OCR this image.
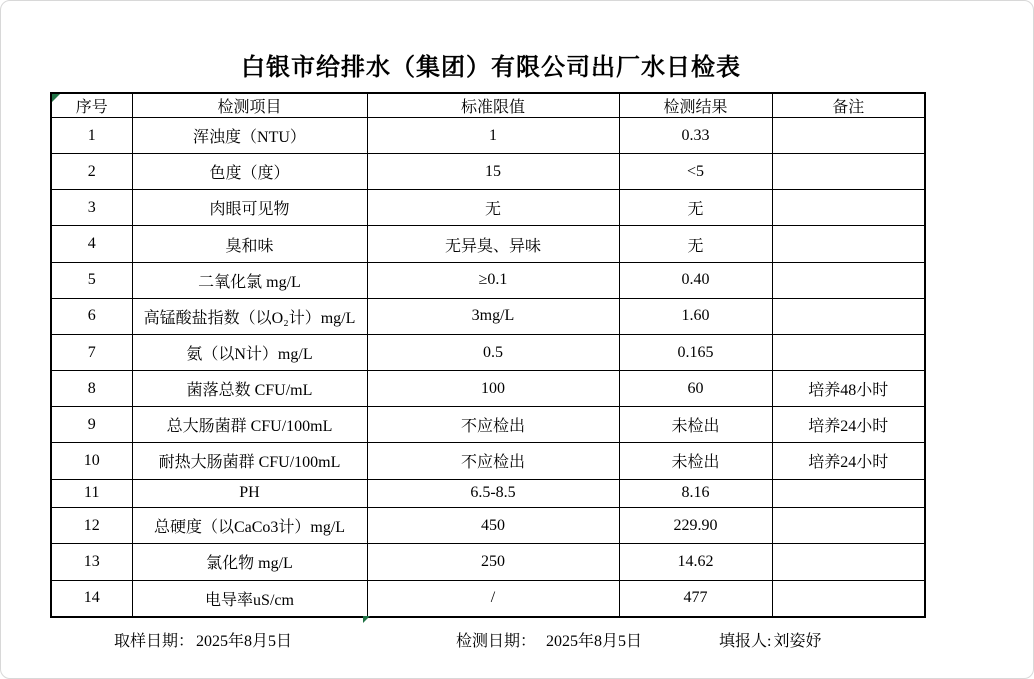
白银市给排水（集团）有限公司出厂水日检表
序号	检测项目	标准限值	检测结果	备注
1	浑浊度（NTU）	1	0.33	
2	色度（度）	15	<5	
3	肉眼可见物	无	无	
4	臭和味	无异臭、异味	无	
5	二氧化氯 mg/L	≥0.1	0.40	
6	高锰酸盐指数（以O₂计）mg/L	3mg/L	1.60	
7	氨（以N计）mg/L	0.5	0.165	
8	菌落总数 CFU/mL	100	60	培养48小时
9	总大肠菌群 CFU/100mL	不应检出	未检出	培养24小时
10	耐热大肠菌群 CFU/100mL	不应检出	未检出	培养24小时
11	PH	6.5-8.5	8.16	
12	总硬度（以CaCo3计）mg/L	450	229.90	
13	氯化物 mg/L	250	14.62	
14	电导率uS/cm	/	477	
取样日期： 2025年8月5日	检测日期： 2025年8月5日	填报人: 刘姿妤
